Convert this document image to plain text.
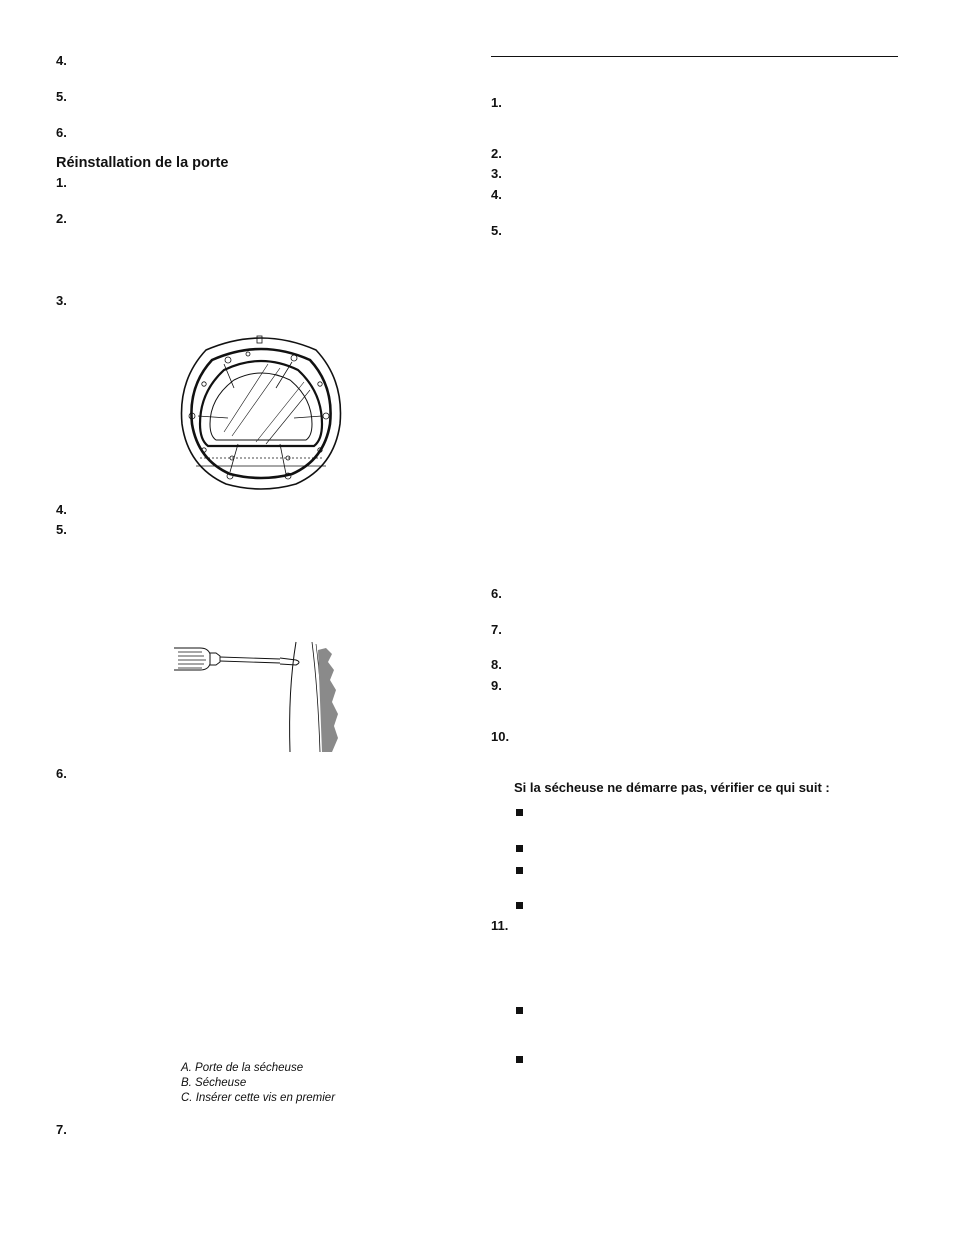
4.
5.
6.
Réinstallation de la porte
1.
2.
3.
4.
5.
6.
A. Porte de la sécheuse
B. Sécheuse
C. Insérer cette vis en premier
7.
1.
2.
3.
4.
5.
6.
7.
8.
9.
10.
Si la sécheuse ne démarre pas, vérifier ce qui suit :
11.
